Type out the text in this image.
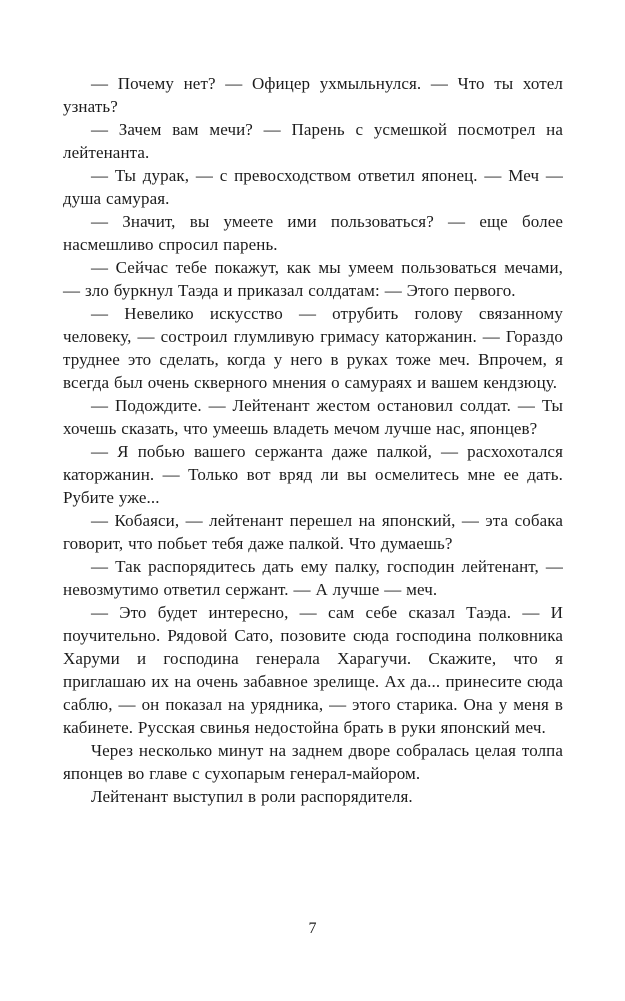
— Почему нет? — Офицер ухмыльнулся. — Что ты хотел узнать?

— Зачем вам мечи? — Парень с усмешкой посмотрел на лейтенанта.

— Ты дурак, — с превосходством ответил японец. — Меч — душа самурая.

— Значит, вы умеете ими пользоваться? — еще более насмешливо спросил парень.

— Сейчас тебе покажут, как мы умеем пользоваться мечами, — зло буркнул Таэда и приказал солдатам: — Этого первого.

— Невелико искусство — отрубить голову связанному человеку, — состроил глумливую гримасу каторжанин. — Гораздо труднее это сделать, когда у него в руках тоже меч. Впрочем, я всегда был очень скверного мнения о самураях и вашем кендзюцу.

— Подождите. — Лейтенант жестом остановил солдат. — Ты хочешь сказать, что умеешь владеть мечом лучше нас, японцев?

— Я побью вашего сержанта даже палкой, — расхохотался каторжанин. — Только вот вряд ли вы осмелитесь мне ее дать. Рубите уже...

— Кобаяси, — лейтенант перешел на японский, — эта собака говорит, что побьет тебя даже палкой. Что думаешь?

— Так распорядитесь дать ему палку, господин лейтенант, — невозмутимо ответил сержант. — А лучше — меч.

— Это будет интересно, — сам себе сказал Таэда. — И поучительно. Рядовой Сато, позовите сюда господина полковника Харуми и господина генерала Харагучи. Скажите, что я приглашаю их на очень забавное зрелище. Ах да... принесите сюда саблю, — он показал на урядника, — этого старика. Она у меня в кабинете. Русская свинья недостойна брать в руки японский меч.

Через несколько минут на заднем дворе собралась целая толпа японцев во главе с сухопарым генерал-майором.

Лейтенант выступил в роли распорядителя.

7
